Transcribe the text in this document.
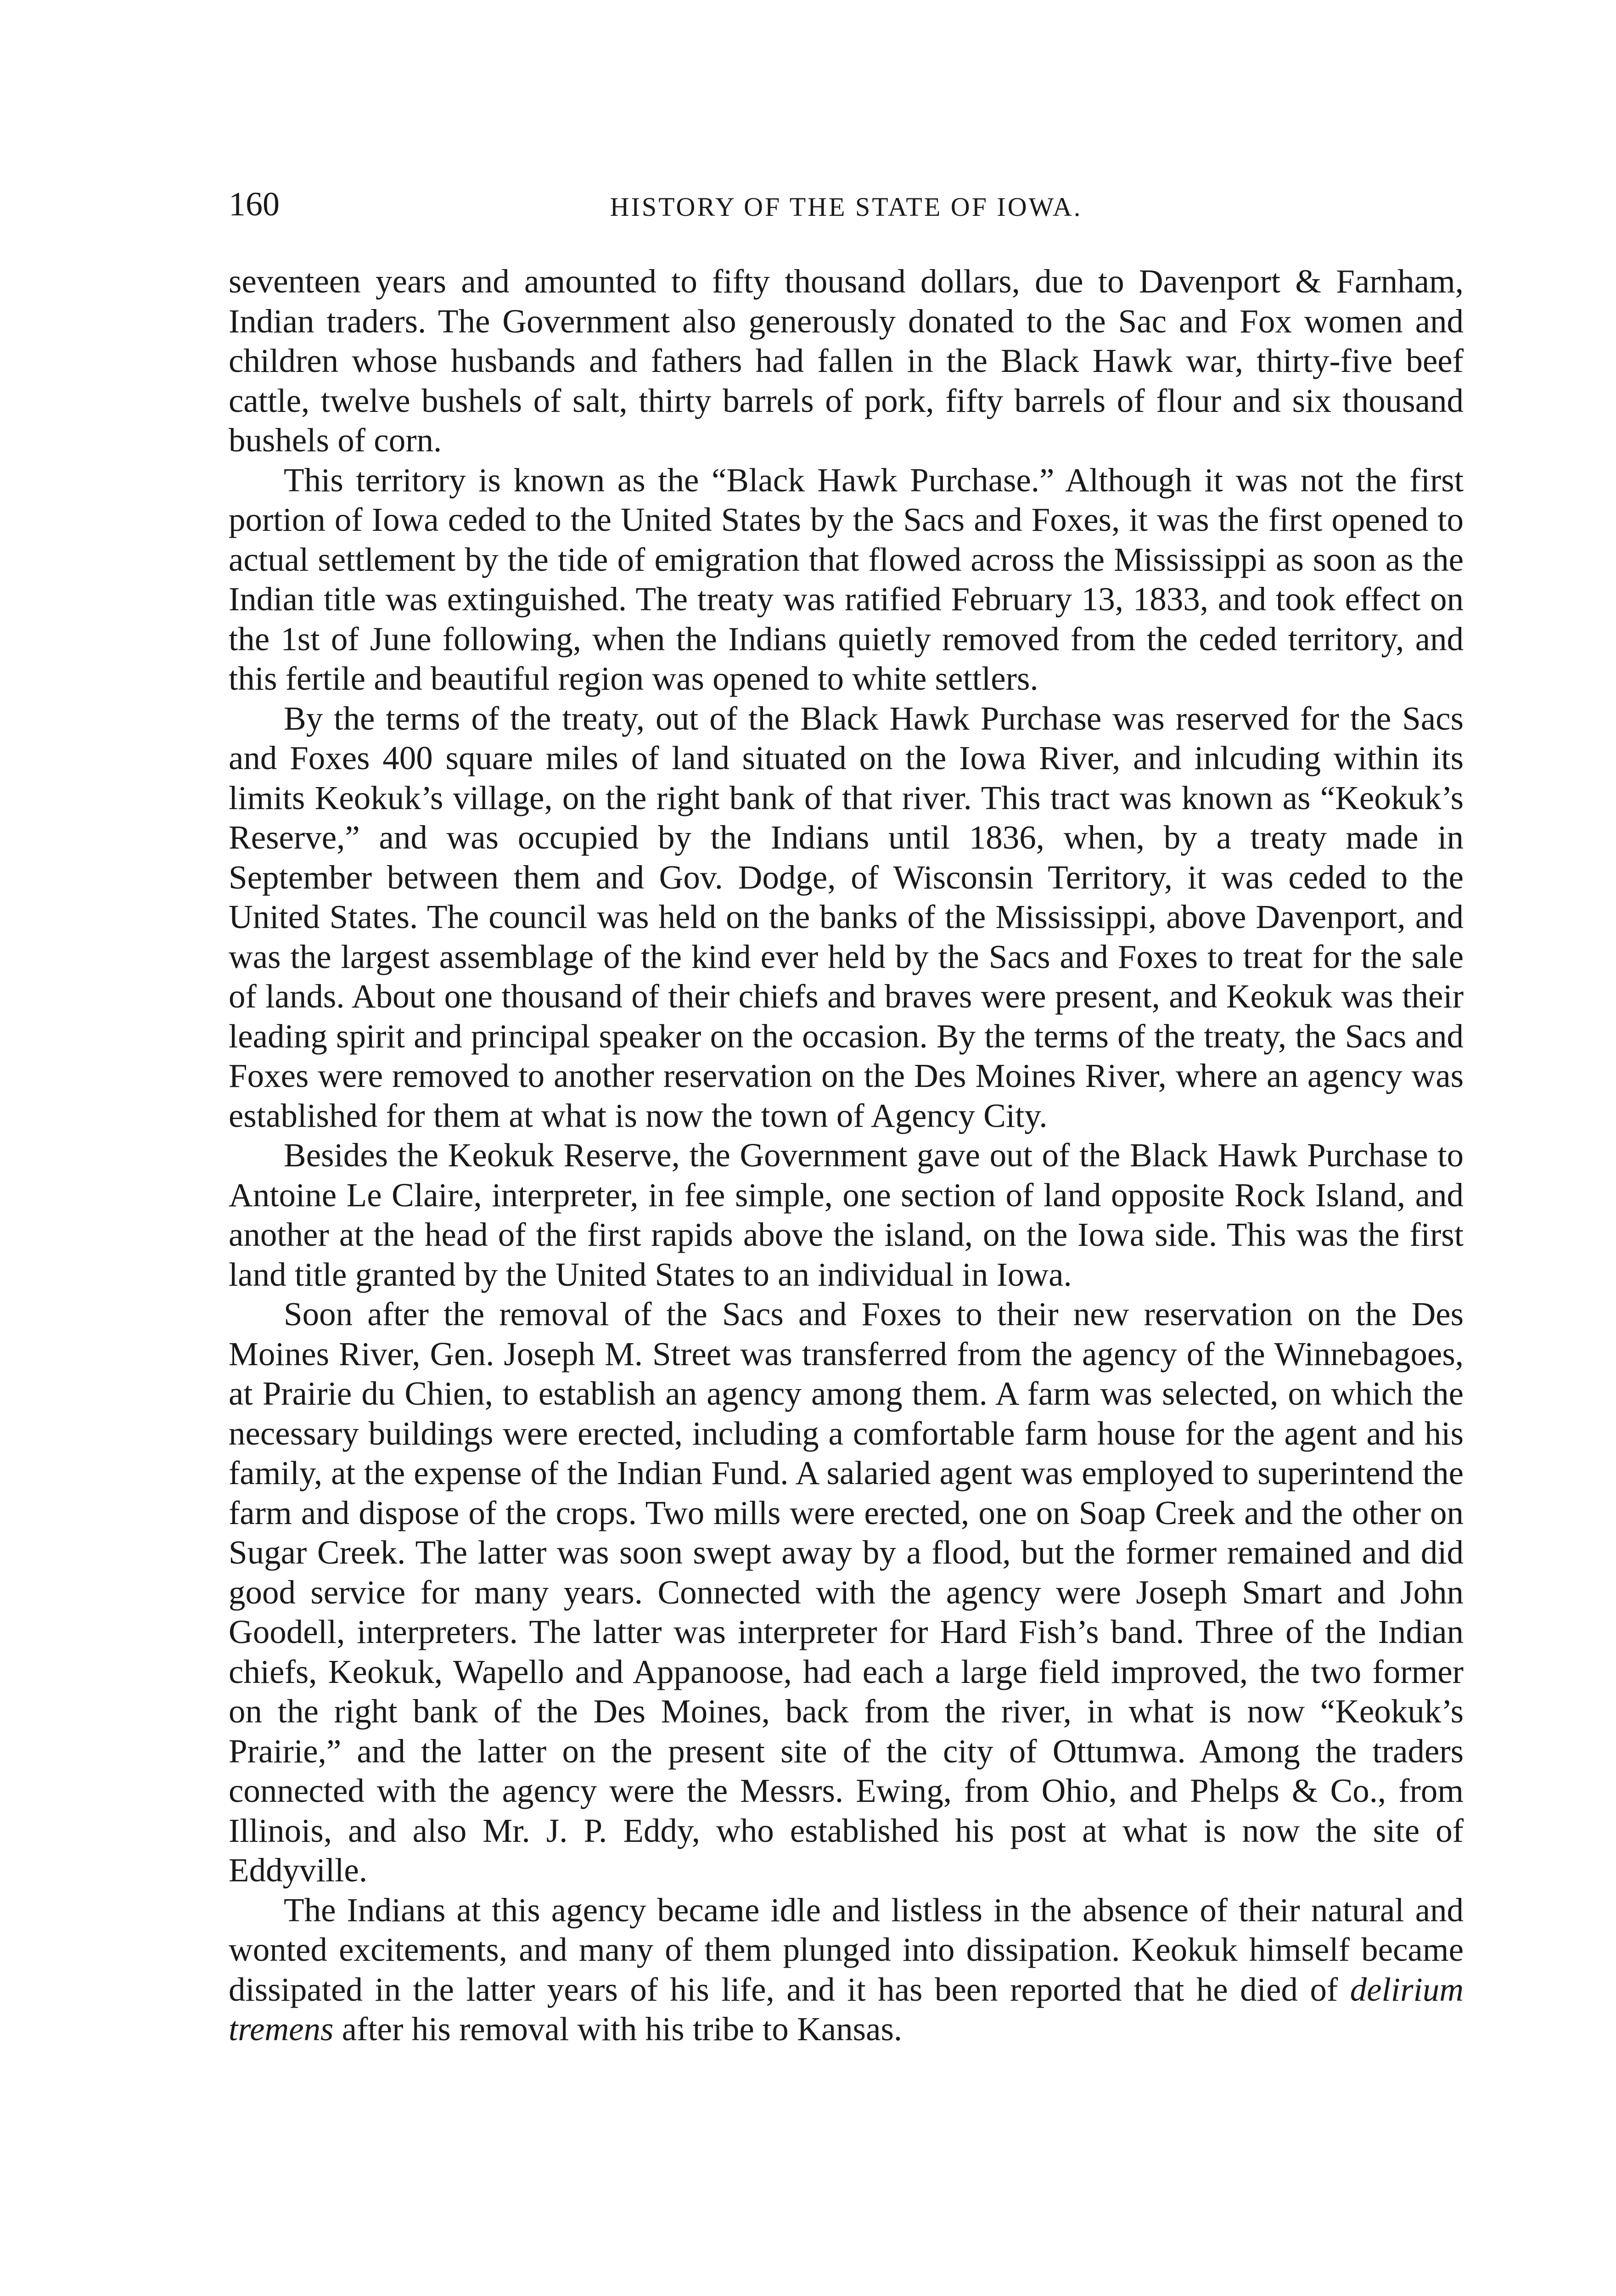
160	HISTORY OF THE STATE OF IOWA.

seventeen years and amounted to fifty thousand dollars, due to Davenport & Farnham, Indian traders. The Government also generously donated to the Sac and Fox women and children whose husbands and fathers had fallen in the Black Hawk war, thirty-five beef cattle, twelve bushels of salt, thirty barrels of pork, fifty barrels of flour and six thousand bushels of corn.

This territory is known as the “Black Hawk Purchase.” Although it was not the first portion of Iowa ceded to the United States by the Sacs and Foxes, it was the first opened to actual settlement by the tide of emigration that flowed across the Mississippi as soon as the Indian title was extinguished. The treaty was ratified February 13, 1833, and took effect on the 1st of June following, when the Indians quietly removed from the ceded territory, and this fertile and beautiful region was opened to white settlers.

By the terms of the treaty, out of the Black Hawk Purchase was reserved for the Sacs and Foxes 400 square miles of land situated on the Iowa River, and inlcuding within its limits Keokuk’s village, on the right bank of that river. This tract was known as “Keokuk’s Reserve,” and was occupied by the Indians until 1836, when, by a treaty made in September between them and Gov. Dodge, of Wisconsin Territory, it was ceded to the United States. The council was held on the banks of the Mississippi, above Davenport, and was the largest assemblage of the kind ever held by the Sacs and Foxes to treat for the sale of lands. About one thousand of their chiefs and braves were present, and Keokuk was their leading spirit and principal speaker on the occasion. By the terms of the treaty, the Sacs and Foxes were removed to another reservation on the Des Moines River, where an agency was established for them at what is now the town of Agency City.

Besides the Keokuk Reserve, the Government gave out of the Black Hawk Purchase to Antoine Le Claire, interpreter, in fee simple, one section of land opposite Rock Island, and another at the head of the first rapids above the island, on the Iowa side. This was the first land title granted by the United States to an individual in Iowa.

Soon after the removal of the Sacs and Foxes to their new reservation on the Des Moines River, Gen. Joseph M. Street was transferred from the agency of the Winnebagoes, at Prairie du Chien, to establish an agency among them. A farm was selected, on which the necessary buildings were erected, including a comfortable farm house for the agent and his family, at the expense of the Indian Fund. A salaried agent was employed to superintend the farm and dispose of the crops. Two mills were erected, one on Soap Creek and the other on Sugar Creek. The latter was soon swept away by a flood, but the former remained and did good service for many years. Connected with the agency were Joseph Smart and John Goodell, interpreters. The latter was interpreter for Hard Fish’s band. Three of the Indian chiefs, Keokuk, Wapello and Appanoose, had each a large field improved, the two former on the right bank of the Des Moines, back from the river, in what is now “Keokuk’s Prairie,” and the latter on the present site of the city of Ottumwa. Among the traders connected with the agency were the Messrs. Ewing, from Ohio, and Phelps & Co., from Illinois, and also Mr. J. P. Eddy, who established his post at what is now the site of Eddyville.

The Indians at this agency became idle and listless in the absence of their natural and wonted excitements, and many of them plunged into dissipation. Keokuk himself became dissipated in the latter years of his life, and it has been reported that he died of delirium tremens after his removal with his tribe to Kansas.
